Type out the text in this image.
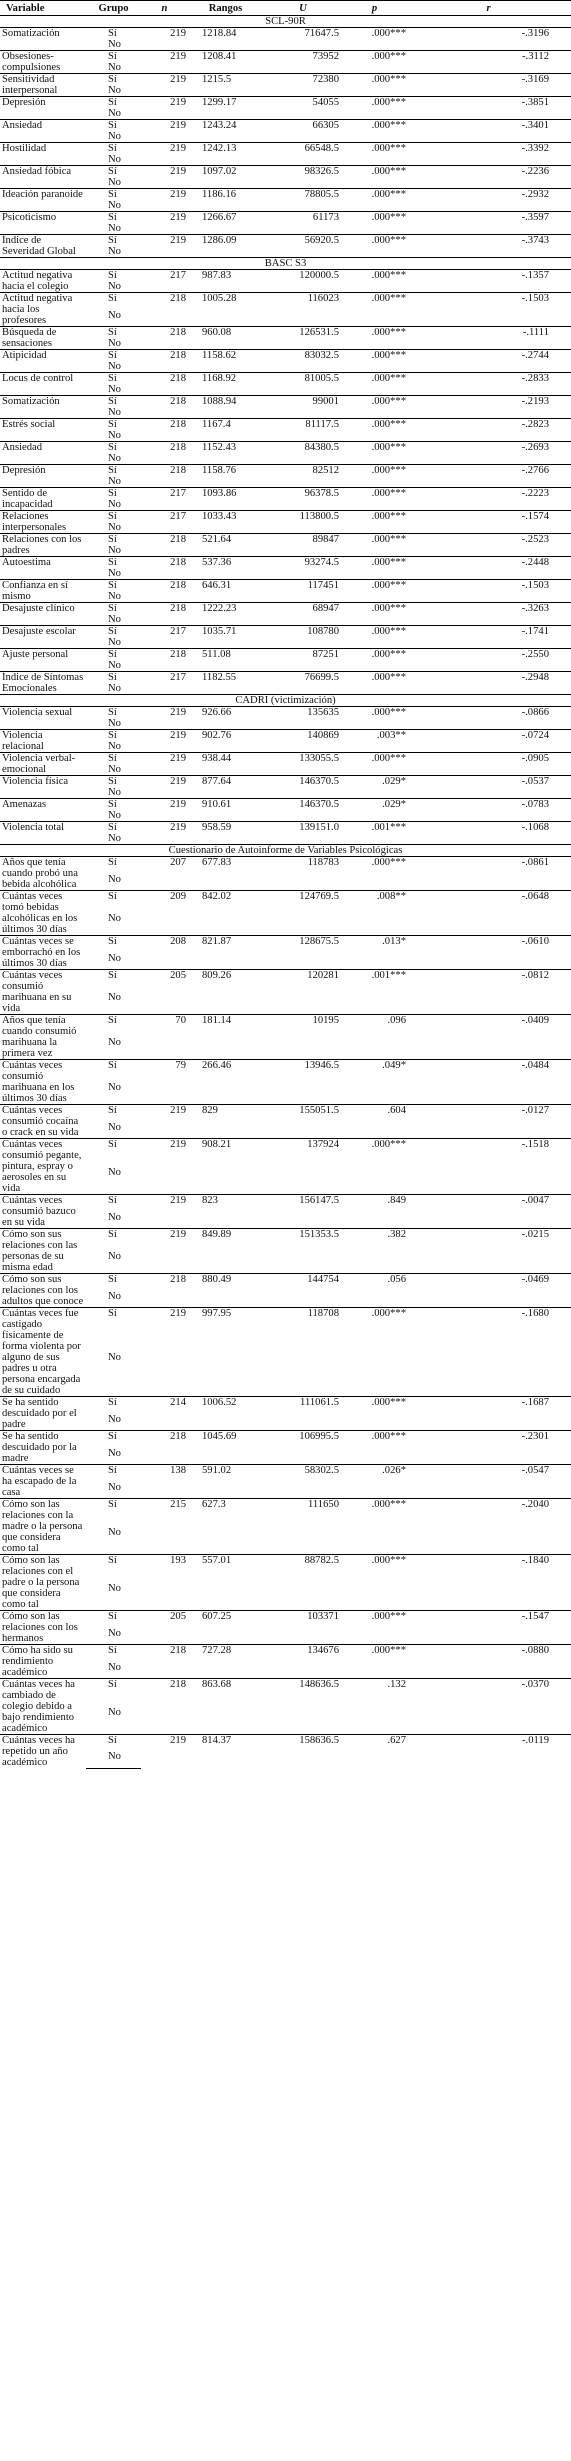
Variable	Grupo	n	Rangos	U	p	r	
SCL-90R							
Somatización	Sí	219	1218.84	71647.5	.000***	-.3196	
	No		
Obsesiones-compulsiones	Sí	219	1208.41	73952	.000***	-.3112	
	No		
Sensitividad interpersonal	Sí	219	1215.5	72380	.000***	-.3169	
	No		
Depresión	Sí	219	1299.17	54055	.000***	-.3851	
	No		
Ansiedad	Sí	219	1243.24	66305	.000***	-.3401	
	No		
Hostilidad	Sí	219	1242.13	66548.5	.000***	-.3392	
	No		
Ansiedad fóbica	Sí	219	1097.02	98326.5	.000***	-.2236	
	No		
Ideación paranoide	Sí	219	1186.16	78805.5	.000***	-.2932	
	No		
Psicoticismo	Sí	219	1266.67	61173	.000***	-.3597	
	No		
Índice de Severidad Global	Sí	219	1286.09	56920.5	.000***	-.3743	
	No		
BASC S3							
Actitud negativa hacia el colegio	Sí	217	987.83	120000.5	.000***	-.1357	
	No		
Actitud negativa hacia los profesores	Sí	218	1005.28	116023	.000***	-.1503	
	No		
Búsqueda de sensaciones	Sí	218	960.08	126531.5	.000***	-.1111	
	No		
Atipicidad	Sí	218	1158.62	83032.5	.000***	-.2744	
	No		
Locus de control	Sí	218	1168.92	81005.5	.000***	-.2833	
	No		
Somatización	Sí	218	1088.94	99001	.000***	-.2193	
	No		
Estrés social	Sí	218	1167.4	81117.5	.000***	-.2823	
	No		
Ansiedad	Sí	218	1152.43	84380.5	.000***	-.2693	
	No		
Depresión	Sí	218	1158.76	82512	.000***	-.2766	
	No		
Sentido de incapacidad	Sí	217	1093.86	96378.5	.000***	-.2223	
	No		
Relaciones interpersonales	Sí	217	1033.43	113800.5	.000***	-.1574	
	No		
Relaciones con los padres	Sí	218	521.64	89847	.000***	-.2523	
	No		
Autoestima	Sí	218	537.36	93274.5	.000***	-.2448	
	No		
Confianza en sí mismo	Sí	218	646.31	117451	.000***	-.1503	
	No		
Desajuste clínico	Sí	218	1222.23	68947	.000***	-.3263	
	No		
Desajuste escolar	Sí	217	1035.71	108780	.000***	-.1741	
	No		
Ajuste personal	Sí	218	511.08	87251	.000***	-.2550	
	No		
Índice de Síntomas Emocionales	Sí	217	1182.55	76699.5	.000***	-.2948	
	No		
CADRI (victimización)							
Violencia sexual	Sí	219	926.66	135635	.000***	-.0866	
	No		
Violencia relacional	Sí	219	902.76	140869	.003**	-.0724	
	No		
Violencia verbal-emocional	Sí	219	938.44	133055.5	.000***	-.0905	
	No		
Violencia física	Sí	219	877.64	146370.5	.029*	-.0537	
	No		
Amenazas	Sí	219	910.61	146370.5	.029*	-.0783	
	No		
Violencia total	Sí	219	958.59	139151.0	.001***	-.1068	
	No		
Cuestionario de Autoinforme de Variables Psicológicas							
Años que tenía cuando probó una bebida alcohólica	Sí	207	677.83	118783	.000***	-.0861	
	No		
Cuántas veces tomó bebidas alcohólicas en los últimos 30 días	Sí	209	842.02	124769.5	.008**	-.0648	
	No		
Cuántas veces se emborrachó en los últimos 30 días	Sí	208	821.87	128675.5	.013*	-.0610	
	No		
Cuántas veces consumió marihuana en su vida	Sí	205	809.26	120281	.001***	-.0812	
	No		
Años que tenía cuando consumió marihuana la primera vez	Sí	70	181.14	10195	.096	-.0409	
	No		
Cuántas veces consumió marihuana en los últimos 30 días	Sí	79	266.46	13946.5	.049*	-.0484	
	No		
Cuántas veces consumió cocaína o crack en su vida	Sí	219	829	155051.5	.604	-.0127	
	No		
Cuántas veces consumió pegante, pintura, espray o aerosoles en su vida	Sí	219	908.21	137924	.000***	-.1518	
	No		
Cuántas veces consumió bazuco en su vida	Sí	219	823	156147.5	.849	-.0047	
	No		
Cómo son sus relaciones con las personas de su misma edad	Sí	219	849.89	151353.5	.382	-.0215	
	No		
Cómo son sus relaciones con los adultos que conoce	Sí	218	880.49	144754	.056	-.0469	
	No		
Cuántas veces fue castigado físicamente de forma violenta por alguno de sus padres u otra persona encargada de su cuidado	Sí	219	997.95	118708	.000***	-.1680	
	No		
Se ha sentido descuidado por el padre	Sí	214	1006.52	111061.5	.000***	-.1687	
	No		
Se ha sentido descuidado por la madre	Sí	218	1045.69	106995.5	.000***	-.2301	
	No		
Cuántas veces se ha escapado de la casa	Sí	138	591.02	58302.5	.026*	-.0547	
	No		
Cómo son las relaciones con la madre o la persona que considera como tal	Sí	215	627.3	111650	.000***	-.2040	
	No		
Cómo son las relaciones con el padre o la persona que considera como tal	Sí	193	557.01	88782.5	.000***	-.1840	
	No		
Cómo son las relaciones con los hermanos	Sí	205	607.25	103371	.000***	-.1547	
	No		
Cómo ha sido su rendimiento académico	Sí	218	727.28	134676	.000***	-.0880	
	No		
Cuántas veces ha cambiado de colegio debido a bajo rendimiento académico	Sí	218	863.68	148636.5	.132	-.0370	
	No		
Cuántas veces ha repetido un año académico	Sí	219	814.37	158636.5	.627	-.0119	
	No		
